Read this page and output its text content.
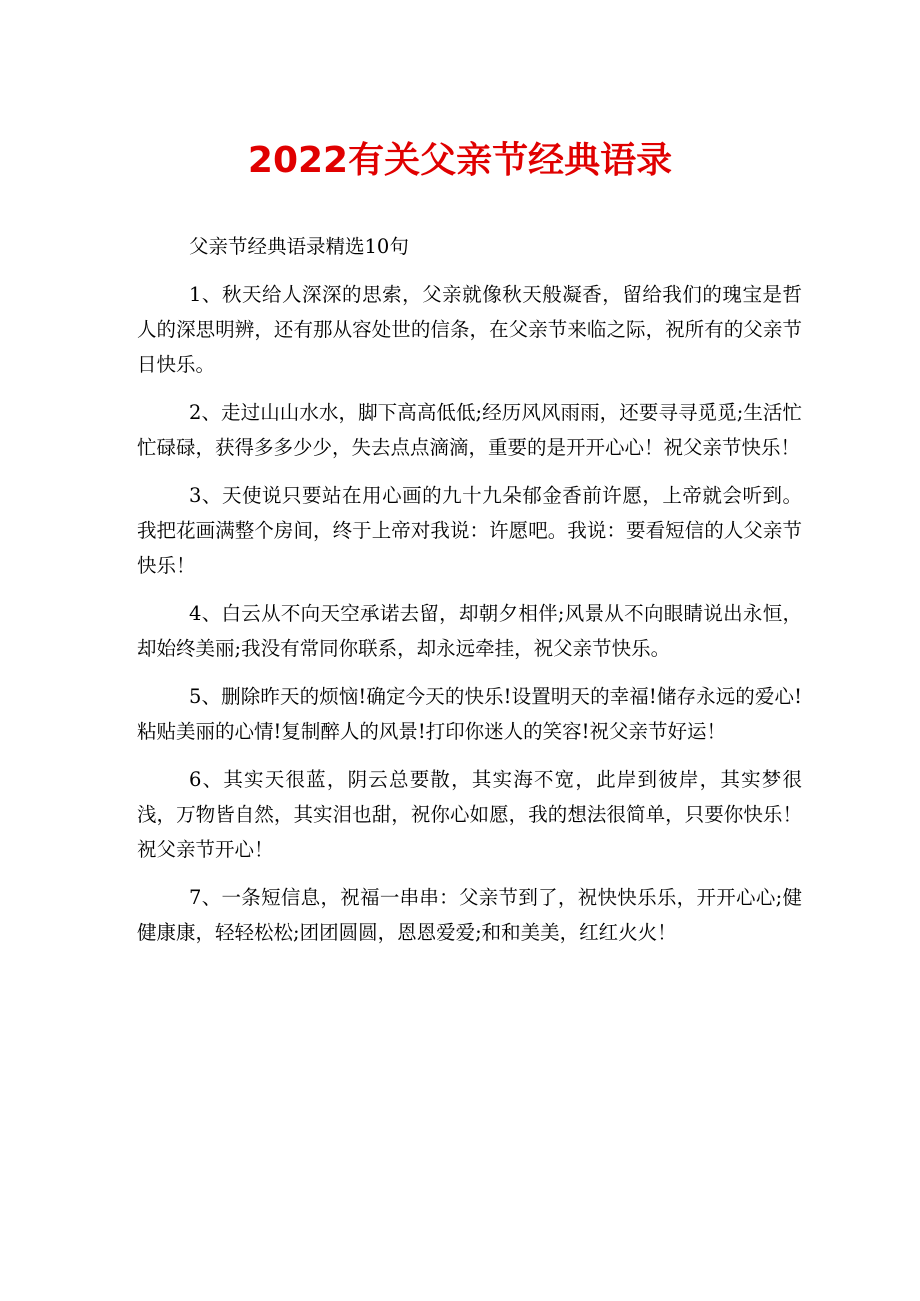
2022有关父亲节经典语录

父亲节经典语录精选10句

1、秋天给人深深的思索，父亲就像秋天般凝香，留给我们的瑰宝是哲人的深思明辨，还有那从容处世的信条，在父亲节来临之际，祝所有的父亲节日快乐。

2、走过山山水水，脚下高高低低;经历风风雨雨，还要寻寻觅觅;生活忙忙碌碌，获得多多少少，失去点点滴滴，重要的是开开心心！祝父亲节快乐！

3、天使说只要站在用心画的九十九朵郁金香前许愿，上帝就会听到。我把花画满整个房间，终于上帝对我说：许愿吧。我说：要看短信的人父亲节快乐！

4、白云从不向天空承诺去留，却朝夕相伴;风景从不向眼睛说出永恒，却始终美丽;我没有常同你联系，却永远牵挂，祝父亲节快乐。

5、删除昨天的烦恼!确定今天的快乐!设置明天的幸福!储存永远的爱心!粘贴美丽的心情!复制醉人的风景!打印你迷人的笑容!祝父亲节好运！

6、其实天很蓝，阴云总要散，其实海不宽，此岸到彼岸，其实梦很浅，万物皆自然，其实泪也甜，祝你心如愿，我的想法很简单，只要你快乐！祝父亲节开心！

7、一条短信息，祝福一串串：父亲节到了，祝快快乐乐，开开心心;健健康康，轻轻松松;团团圆圆，恩恩爱爱;和和美美，红红火火！
